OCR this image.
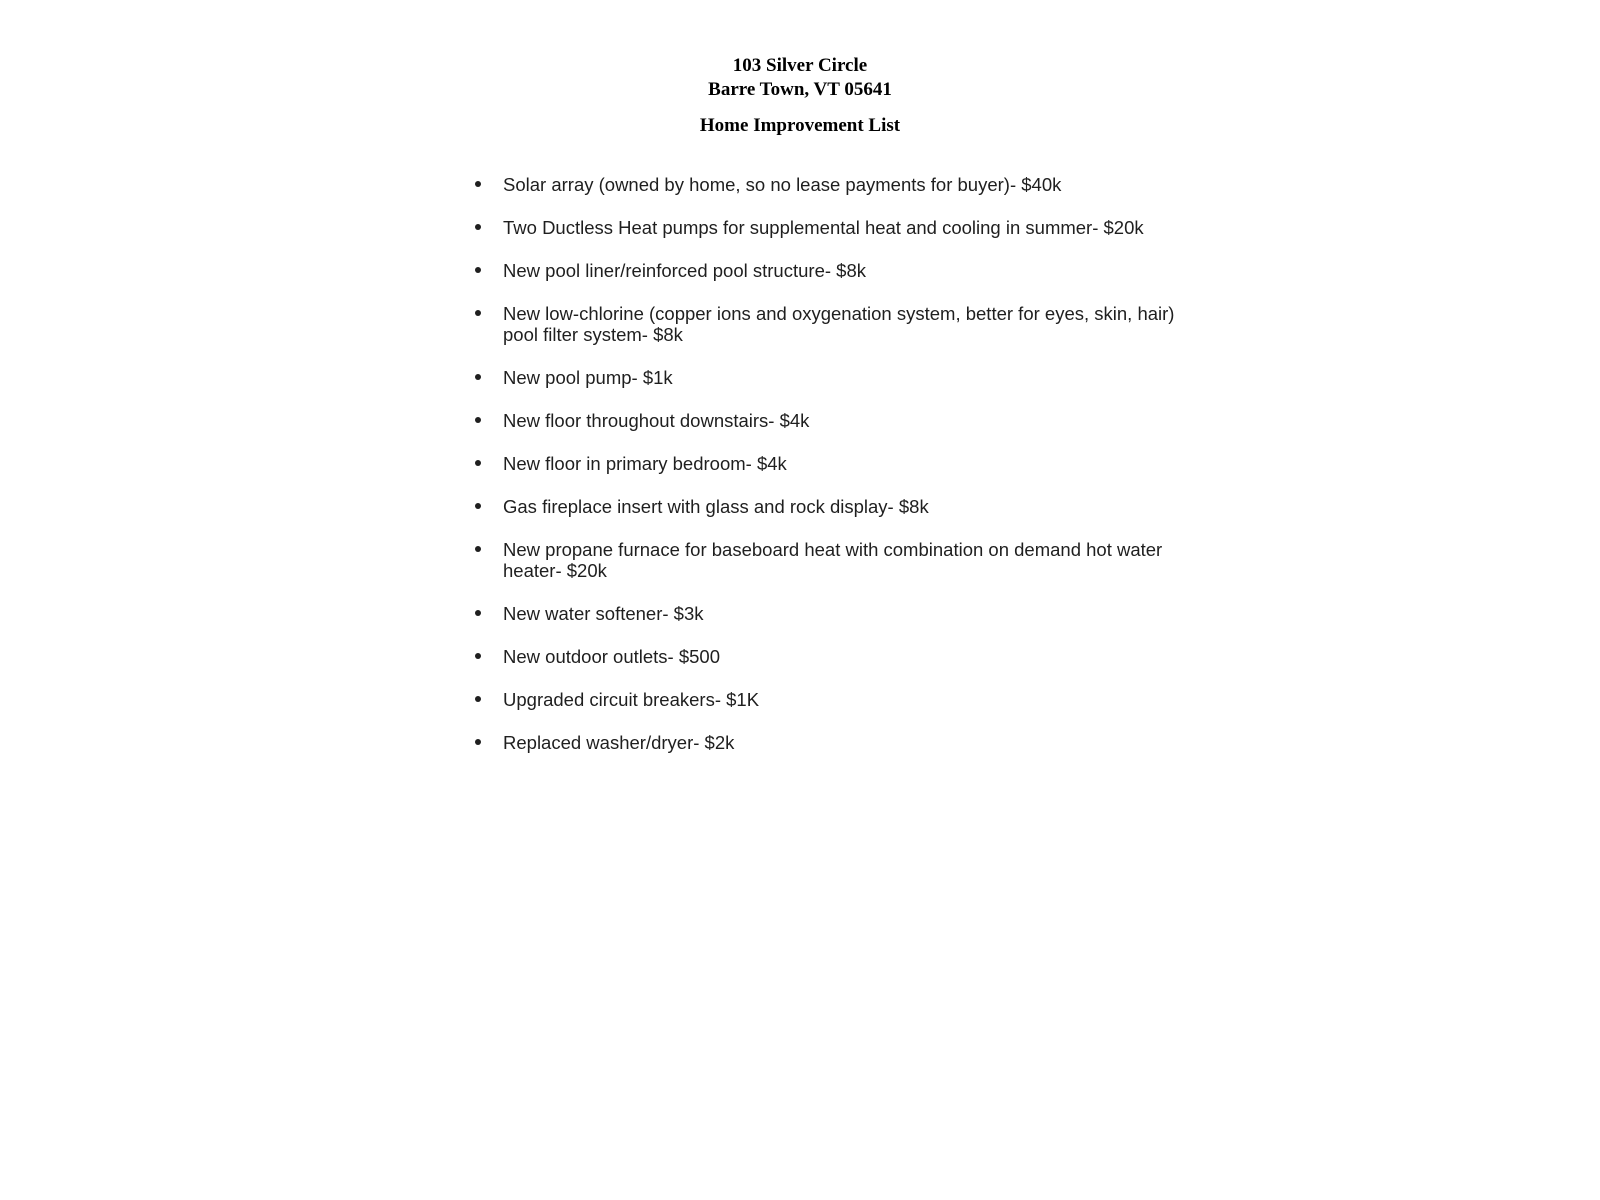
103 Silver Circle

Barre Town, VT 05641

Home Improvement List

Solar array (owned by home, so no lease payments for buyer)- $40k
Two Ductless Heat pumps for supplemental heat and cooling in summer- $20k
New pool liner/reinforced pool structure- $8k
New low-chlorine (copper ions and oxygenation system, better for eyes, skin, hair) pool filter system- $8k
New pool pump- $1k
New floor throughout downstairs- $4k
New floor in primary bedroom- $4k
Gas fireplace insert with glass and rock display- $8k
New propane furnace for baseboard heat with combination on demand hot water heater- $20k
New water softener- $3k
New outdoor outlets- $500
Upgraded circuit breakers- $1K
Replaced washer/dryer- $2k
